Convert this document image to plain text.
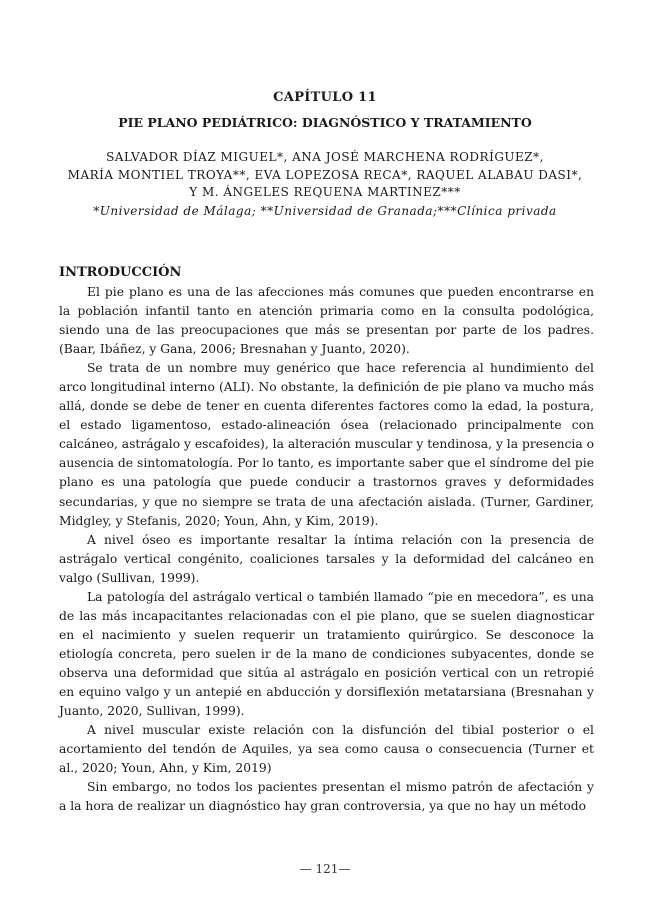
CAPÍTULO 11

PIE PLANO PEDIÁTRICO: DIAGNÓSTICO Y TRATAMIENTO

SALVADOR DÍAZ MIGUEL*, ANA JOSÉ MARCHENA RODRÍGUEZ*,
MARÍA MONTIEL TROYA**, EVA LOPEZOSA RECA*, RAQUEL ALABAU DASI*,
Y M. ÁNGELES REQUENA MARTINEZ***
*Universidad de Málaga; **Universidad de Granada;***Clínica privada

INTRODUCCIÓN

El pie plano es una de las afecciones más comunes que pueden encontrarse en la población infantil tanto en atención primaria como en la consulta podológica, siendo una de las preocupaciones que más se presentan por parte de los padres. (Baar, Ibáñez, y Gana, 2006; Bresnahan y Juanto, 2020).

Se trata de un nombre muy genérico que hace referencia al hundimiento del arco longitudinal interno (ALI). No obstante, la definición de pie plano va mucho más allá, donde se debe de tener en cuenta diferentes factores como la edad, la postura, el estado ligamentoso, estado-alineación ósea (relacionado principalmente con calcáneo, astrágalo y escafoides), la alteración muscular y tendinosa, y la presencia o ausencia de sintomatología. Por lo tanto, es importante saber que el síndrome del pie plano es una patología que puede conducir a trastornos graves y deformidades secundarias, y que no siempre se trata de una afectación aislada. (Turner, Gardiner, Midgley, y Stefanis, 2020; Youn, Ahn, y Kim, 2019).

A nivel óseo es importante resaltar la íntima relación con la presencia de astrágalo vertical congénito, coaliciones tarsales y la deformidad del calcáneo en valgo (Sullivan, 1999).

La patología del astrágalo vertical o también llamado “pie en mecedora”, es una de las más incapacitantes relacionadas con el pie plano, que se suelen diagnosticar en el nacimiento y suelen requerir un tratamiento quirúrgico. Se desconoce la etiología concreta, pero suelen ir de la mano de condiciones subyacentes, donde se observa una deformidad que sitúa al astrágalo en posición vertical con un retropié en equino valgo y un antepié en abducción y dorsiflexión metatarsiana (Bresnahan y Juanto, 2020, Sullivan, 1999).

A nivel muscular existe relación con la disfunción del tibial posterior o el acortamiento del tendón de Aquiles, ya sea como causa o consecuencia (Turner et al., 2020; Youn, Ahn, y Kim, 2019)

Sin embargo, no todos los pacientes presentan el mismo patrón de afectación y a la hora de realizar un diagnóstico hay gran controversia, ya que no hay un método

— 121—
